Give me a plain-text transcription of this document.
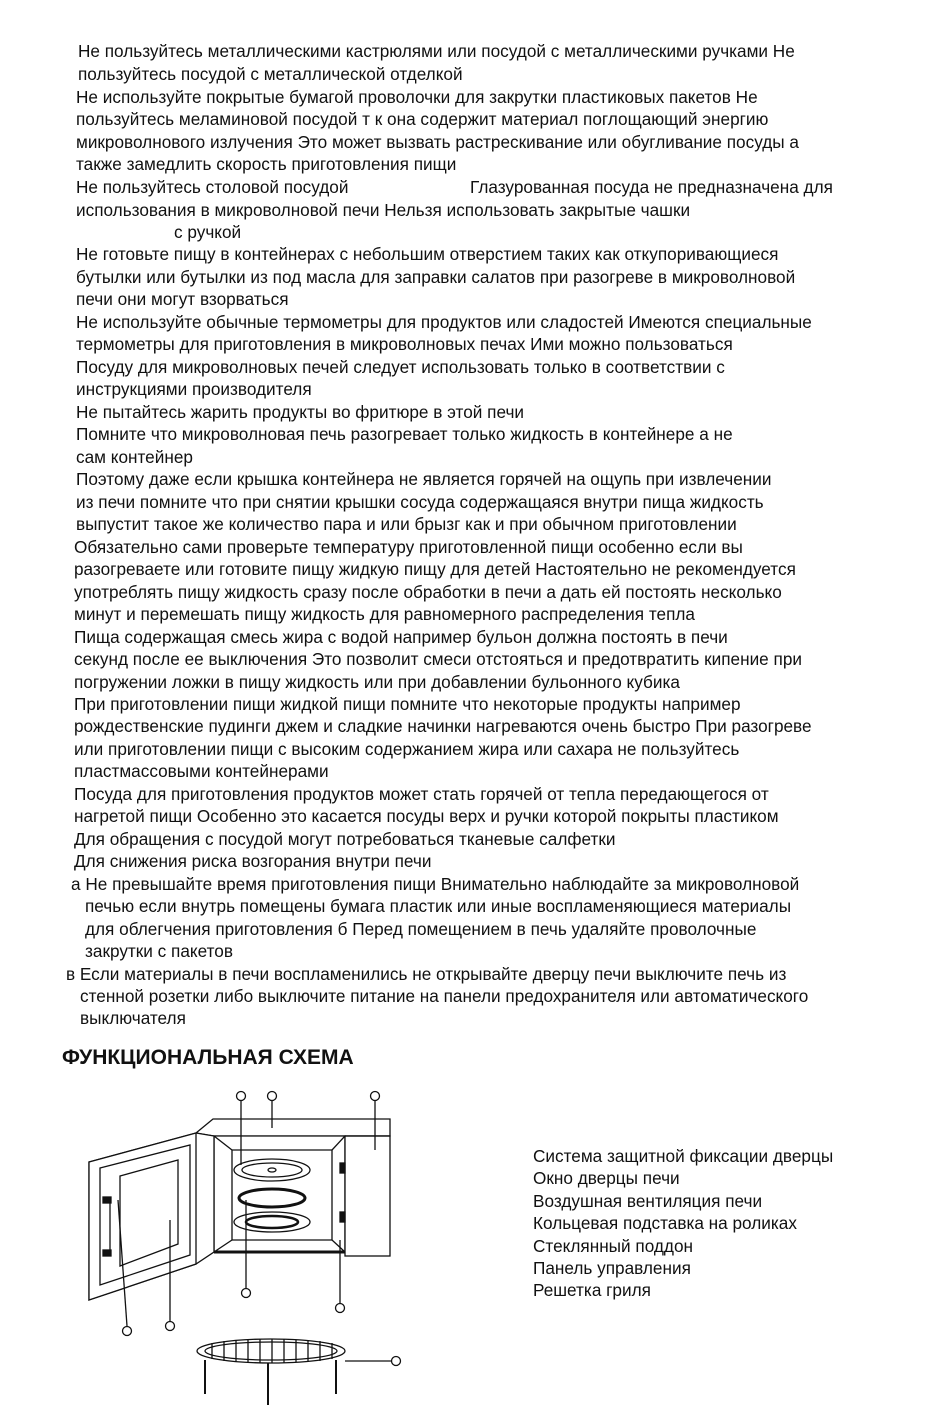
Не пользуйтесь металлическими кастрюлями или посудой с металлическими ручками Не
пользуйтесь посудой с металлической отделкой
Не используйте покрытые бумагой проволочки для закрутки пластиковых пакетов Не
пользуйтесь меламиновой посудой т к она содержит материал поглощающий энергию
микроволнового излучения Это может вызвать растрескивание или обугливание посуды а
также замедлить скорость приготовления пищи
Не пользуйтесь столовой посудой	Глазурованная посуда не предназначена для
использования в микроволновой печи Нельзя использовать закрытые чашки
с ручкой
Не готовьте пищу в контейнерах с небольшим отверстием таких как откупоривающиеся
бутылки или бутылки из под масла для заправки салатов при разогреве в микроволновой
печи они могут взорваться
Не используйте обычные термометры для продуктов или сладостей Имеются специальные
термометры для приготовления в микроволновых печах Ими можно пользоваться
Посуду для микроволновых печей следует использовать только в соответствии с
инструкциями производителя
Не пытайтесь жарить продукты во фритюре в этой печи
Помните что микроволновая печь разогревает только жидкость в контейнере а не
сам контейнер
Поэтому даже если крышка контейнера не является горячей на ощупь при извлечении
из печи помните что при снятии крышки сосуда содержащаяся внутри пища жидкость
выпустит такое же количество пара и или брызг как и при обычном приготовлении
Обязательно сами проверьте температуру приготовленной пищи особенно если вы
разогреваете или готовите пищу жидкую пищу для детей Настоятельно не рекомендуется
употреблять пищу жидкость сразу после обработки в печи а дать ей постоять несколько
минут и перемешать пищу жидкость для равномерного распределения тепла
Пища содержащая смесь жира с водой например бульон должна постоять в печи
секунд после ее выключения Это позволит смеси отстояться и предотвратить кипение при
погружении ложки в пищу жидкость или при добавлении бульонного кубика
При приготовлении пищи жидкой пищи помните что некоторые продукты например
рождественские пудинги джем и сладкие начинки нагреваются очень быстро При разогреве
или приготовлении пищи с высоким содержанием жира или сахара не пользуйтесь
пластмассовыми контейнерами
Посуда для приготовления продуктов может стать горячей от тепла передающегося от
нагретой пищи Особенно это касается посуды верх и ручки которой покрыты пластиком
Для обращения с посудой могут потребоваться тканевые салфетки
Для снижения риска возгорания внутри печи
а Не превышайте время приготовления пищи Внимательно наблюдайте за микроволновой
печью если внутрь помещены бумага пластик или иные воспламеняющиеся материалы
для облегчения приготовления б Перед помещением в печь удаляйте проволочные
закрутки с пакетов
в Если материалы в печи воспламенились не открывайте дверцу печи выключите печь из
стенной розетки либо выключите питание на панели предохранителя или автоматического
выключателя
ФУНКЦИОНАЛЬНАЯ СХЕМА
Система защитной фиксации дверцы
Окно дверцы печи
Воздушная вентиляция печи
Кольцевая подставка на роликах
Стеклянный поддон
Панель управления
Решетка гриля
